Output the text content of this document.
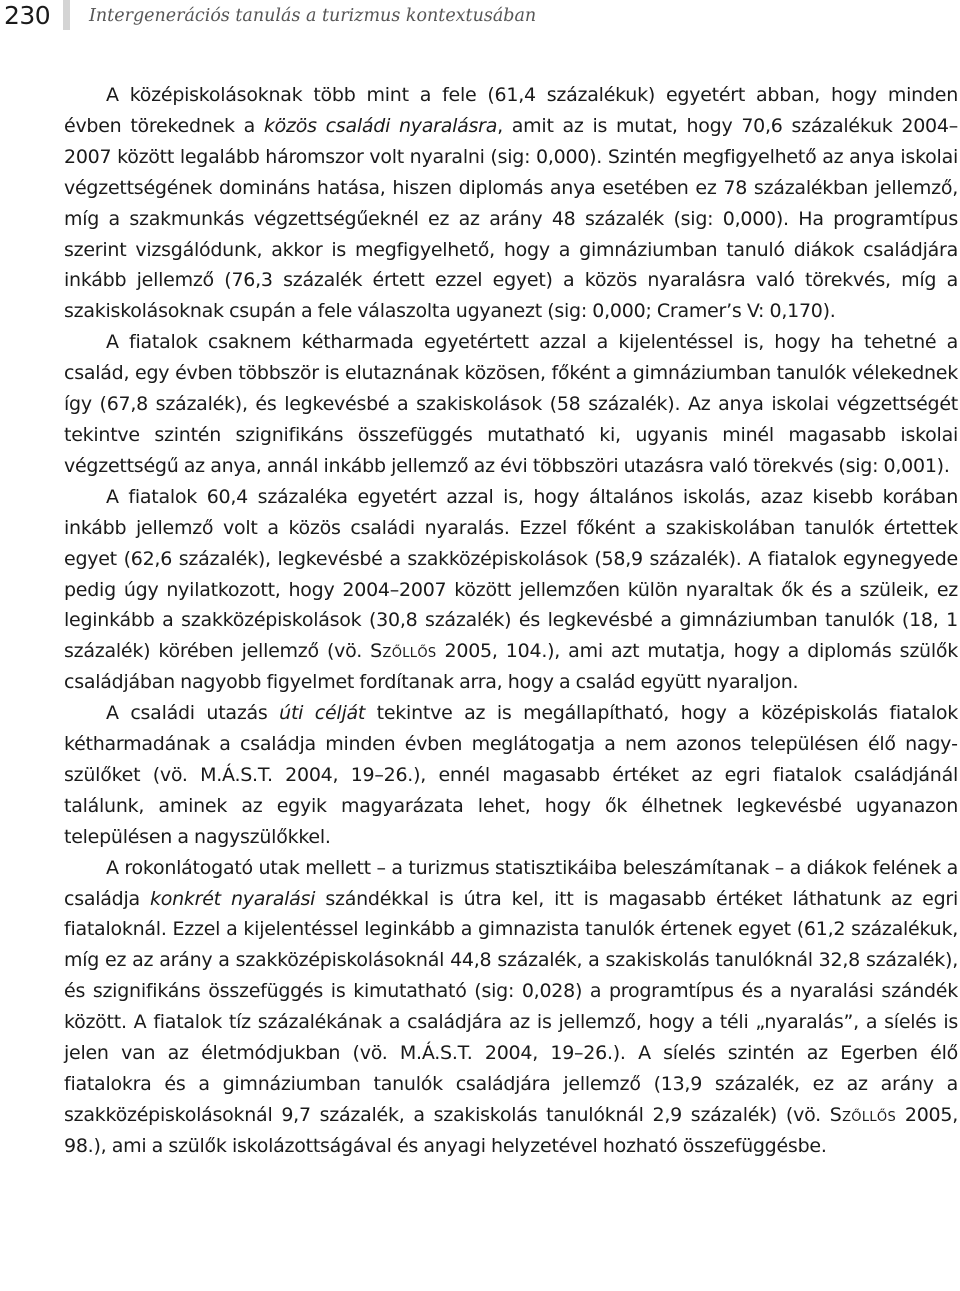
230 Intergenerációs tanulás a turizmus kontextusában

A középiskolásoknak több mint a fele (61,4 százalékuk) egyetért abban, hogy minden évben törekednek a közös családi nyaralásra, amit az is mutat, hogy 70,6 százalékuk 2004–2007 között legalább háromszor volt nyaralni (sig: 0,000). Szintén megfigyelhető az anya iskolai végzettségének domináns hatása, hiszen diplomás anya esetében ez 78 százalékban jellemző, míg a szakmunkás végzettségűeknél ez az arány 48 százalék (sig: 0,000). Ha programtípus szerint vizsgálódunk, akkor is megfigyelhető, hogy a gimnáziumban tanuló diákok családjára inkább jellemző (76,3 százalék értett ezzel egyet) a közös nyaralásra való törekvés, míg a szakiskolásoknak csupán a fele válaszolta ugyanezt (sig: 0,000; Cramer’s V: 0,170).

A fiatalok csaknem kétharmada egyetértett azzal a kijelentéssel is, hogy ha tehetné a család, egy évben többször is elutaznának közösen, főként a gimnáziumban tanulók vélekednek így (67,8 százalék), és legkevésbé a szakiskolások (58 százalék). Az anya iskolai végzettségét tekintve szintén szignifikáns összefüggés mutatható ki, ugyanis minél magasabb iskolai végzettségű az anya, annál inkább jellemző az évi többszöri utazásra való törekvés (sig: 0,001).

A fiatalok 60,4 százaléka egyetért azzal is, hogy általános iskolás, azaz kisebb korában inkább jellemző volt a közös családi nyaralás. Ezzel főként a szakiskolában tanulók értettek egyet (62,6 százalék), legkevésbé a szakközépiskolások (58,9 százalék). A fiatalok egynegyede pedig úgy nyilatkozott, hogy 2004–2007 között jellemzően külön nyaraltak ők és a szüleik, ez leginkább a szakközépiskolások (30,8 százalék) és legkevésbé a gimnáziumban tanulók (18, 1 százalék) körében jellemző (vö. Szőllős 2005, 104.), ami azt mutatja, hogy a diplomás szülők családjában nagyobb figyelmet fordítanak arra, hogy a család együtt nyaraljon.

A családi utazás úti célját tekintve az is megállapítható, hogy a középiskolás fiatalok kétharmadának a családja minden évben meglátogatja a nem azonos településen élő nagyszülőket (vö. M.Á.S.T. 2004, 19–26.), ennél magasabb értéket az egri fiatalok családjánál találunk, aminek az egyik magyarázata lehet, hogy ők élhetnek legkevésbé ugyanazon településen a nagyszülőkkel.

A rokonlátogató utak mellett – a turizmus statisztikáiba beleszámítanak – a diákok felének a családja konkrét nyaralási szándékkal is útra kel, itt is magasabb értéket láthatunk az egri fiataloknál. Ezzel a kijelentéssel leginkább a gimnazista tanulók értenek egyet (61,2 százalékuk, míg ez az arány a szakközépiskolásoknál 44,8 százalék, a szakiskolás tanulóknál 32,8 százalék), és szignifikáns összefüggés is kimutatható (sig: 0,028) a programtípus és a nyaralási szándék között. A fiatalok tíz százalékának a családjára az is jellemző, hogy a téli „nyaralás”, a síelés is jelen van az életmódjukban (vö. M.Á.S.T. 2004, 19–26.). A síelés szintén az Egerben élő fiatalokra és a gimnáziumban tanulók családjára jellemző (13,9 százalék, ez az arány a szakközépiskolásoknál 9,7 százalék, a szakiskolás tanulóknál 2,9 százalék) (vö. Szőllős 2005, 98.), ami a szülők iskolázottságával és anyagi helyzetével hozható összefüggésbe.
